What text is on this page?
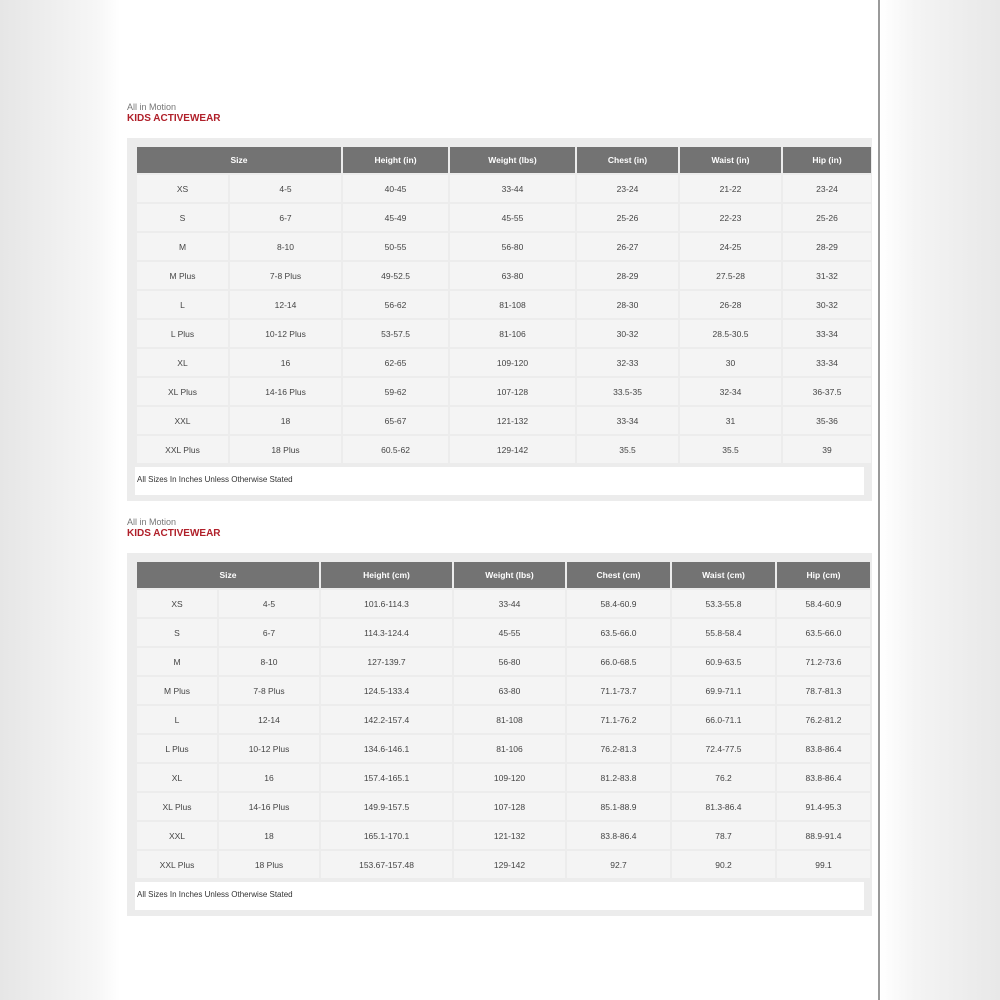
All in Motion
KIDS ACTIVEWEAR
Size		Height (in)	Weight (lbs)	Chest (in)	Waist (in)	Hip (in)
XS	4-5	40-45	33-44	23-24	21-22	23-24
S	6-7	45-49	45-55	25-26	22-23	25-26
M	8-10	50-55	56-80	26-27	24-25	28-29
M Plus	7-8 Plus	49-52.5	63-80	28-29	27.5-28	31-32
L	12-14	56-62	81-108	28-30	26-28	30-32
L Plus	10-12 Plus	53-57.5	81-106	30-32	28.5-30.5	33-34
XL	16	62-65	109-120	32-33	30	33-34
XL Plus	14-16 Plus	59-62	107-128	33.5-35	32-34	36-37.5
XXL	18	65-67	121-132	33-34	31	35-36
XXL Plus	18 Plus	60.5-62	129-142	35.5	35.5	39
All Sizes In Inches Unless Otherwise Stated
All in Motion
KIDS ACTIVEWEAR
Size		Height (cm)	Weight (lbs)	Chest (cm)	Waist (cm)	Hip (cm)
XS	4-5	101.6-114.3	33-44	58.4-60.9	53.3-55.8	58.4-60.9
S	6-7	114.3-124.4	45-55	63.5-66.0	55.8-58.4	63.5-66.0
M	8-10	127-139.7	56-80	66.0-68.5	60.9-63.5	71.2-73.6
M Plus	7-8 Plus	124.5-133.4	63-80	71.1-73.7	69.9-71.1	78.7-81.3
L	12-14	142.2-157.4	81-108	71.1-76.2	66.0-71.1	76.2-81.2
L Plus	10-12 Plus	134.6-146.1	81-106	76.2-81.3	72.4-77.5	83.8-86.4
XL	16	157.4-165.1	109-120	81.2-83.8	76.2	83.8-86.4
XL Plus	14-16 Plus	149.9-157.5	107-128	85.1-88.9	81.3-86.4	91.4-95.3
XXL	18	165.1-170.1	121-132	83.8-86.4	78.7	88.9-91.4
XXL Plus	18 Plus	153.67-157.48	129-142	92.7	90.2	99.1
All Sizes In Inches Unless Otherwise Stated
